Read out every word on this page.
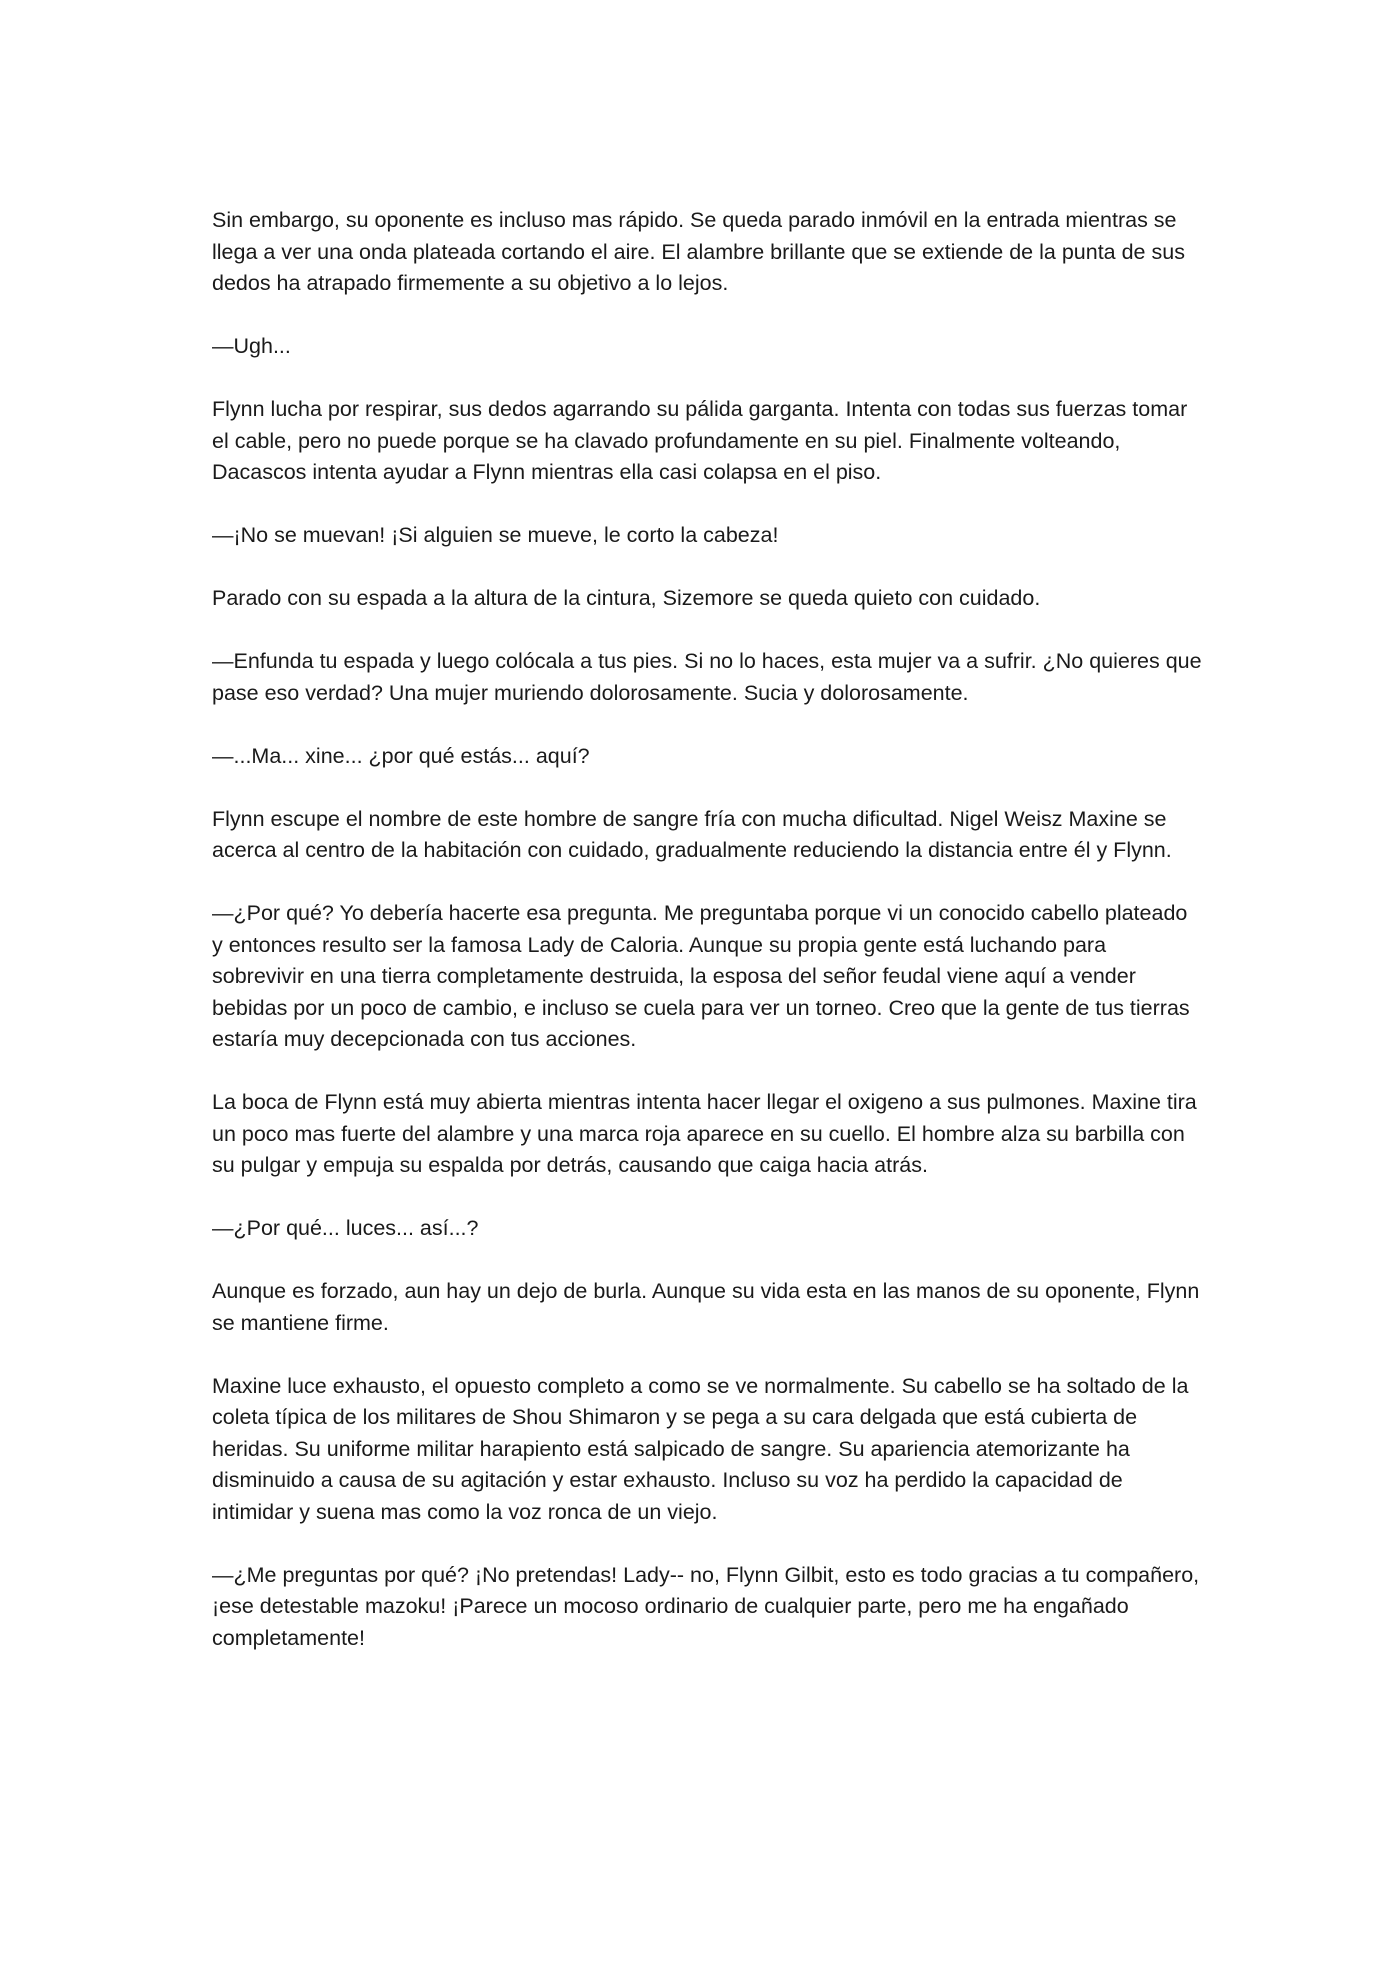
Sin embargo, su oponente es incluso mas rápido. Se queda parado inmóvil en la entrada mientras se llega a ver una onda plateada cortando el aire. El alambre brillante que se extiende de la punta de sus dedos ha atrapado firmemente a su objetivo a lo lejos.

—Ugh...

Flynn lucha por respirar, sus dedos agarrando su pálida garganta. Intenta con todas sus fuerzas tomar el cable, pero no puede porque se ha clavado profundamente en su piel. Finalmente volteando, Dacascos intenta ayudar a Flynn mientras ella casi colapsa en el piso.

—¡No se muevan! ¡Si alguien se mueve, le corto la cabeza!

Parado con su espada a la altura de la cintura, Sizemore se queda quieto con cuidado.

—Enfunda tu espada y luego colócala a tus pies. Si no lo haces, esta mujer va a sufrir. ¿No quieres que pase eso verdad? Una mujer muriendo dolorosamente. Sucia y dolorosamente.

—...Ma... xine... ¿por qué estás... aquí?

Flynn escupe el nombre de este hombre de sangre fría con mucha dificultad. Nigel Weisz Maxine se acerca al centro de la habitación con cuidado, gradualmente reduciendo la distancia entre él y Flynn.

—¿Por qué? Yo debería hacerte esa pregunta. Me preguntaba porque vi un conocido cabello plateado y entonces resulto ser la famosa Lady de Caloria. Aunque su propia gente está luchando para sobrevivir en una tierra completamente destruida, la esposa del señor feudal viene aquí a vender bebidas por un poco de cambio, e incluso se cuela para ver un torneo. Creo que la gente de tus tierras estaría muy decepcionada con tus acciones.

La boca de Flynn está muy abierta mientras intenta hacer llegar el oxigeno a sus pulmones. Maxine tira un poco mas fuerte del alambre y una marca roja aparece en su cuello. El hombre alza su barbilla con su pulgar y empuja su espalda por detrás, causando que caiga hacia atrás.

—¿Por qué... luces... así...?

Aunque es forzado, aun hay un dejo de burla. Aunque su vida esta en las manos de su oponente, Flynn se mantiene firme.

Maxine luce exhausto, el opuesto completo a como se ve normalmente. Su cabello se ha soltado de la coleta típica de los militares de Shou Shimaron y se pega a su cara delgada que está cubierta de heridas. Su uniforme militar harapiento está salpicado de sangre. Su apariencia atemorizante ha disminuido a causa de su agitación y estar exhausto. Incluso su voz ha perdido la capacidad de intimidar y suena mas como la voz ronca de un viejo.

—¿Me preguntas por qué? ¡No pretendas! Lady-- no, Flynn Gilbit, esto es todo gracias a tu compañero, ¡ese detestable mazoku! ¡Parece un mocoso ordinario de cualquier parte, pero me ha engañado completamente!
